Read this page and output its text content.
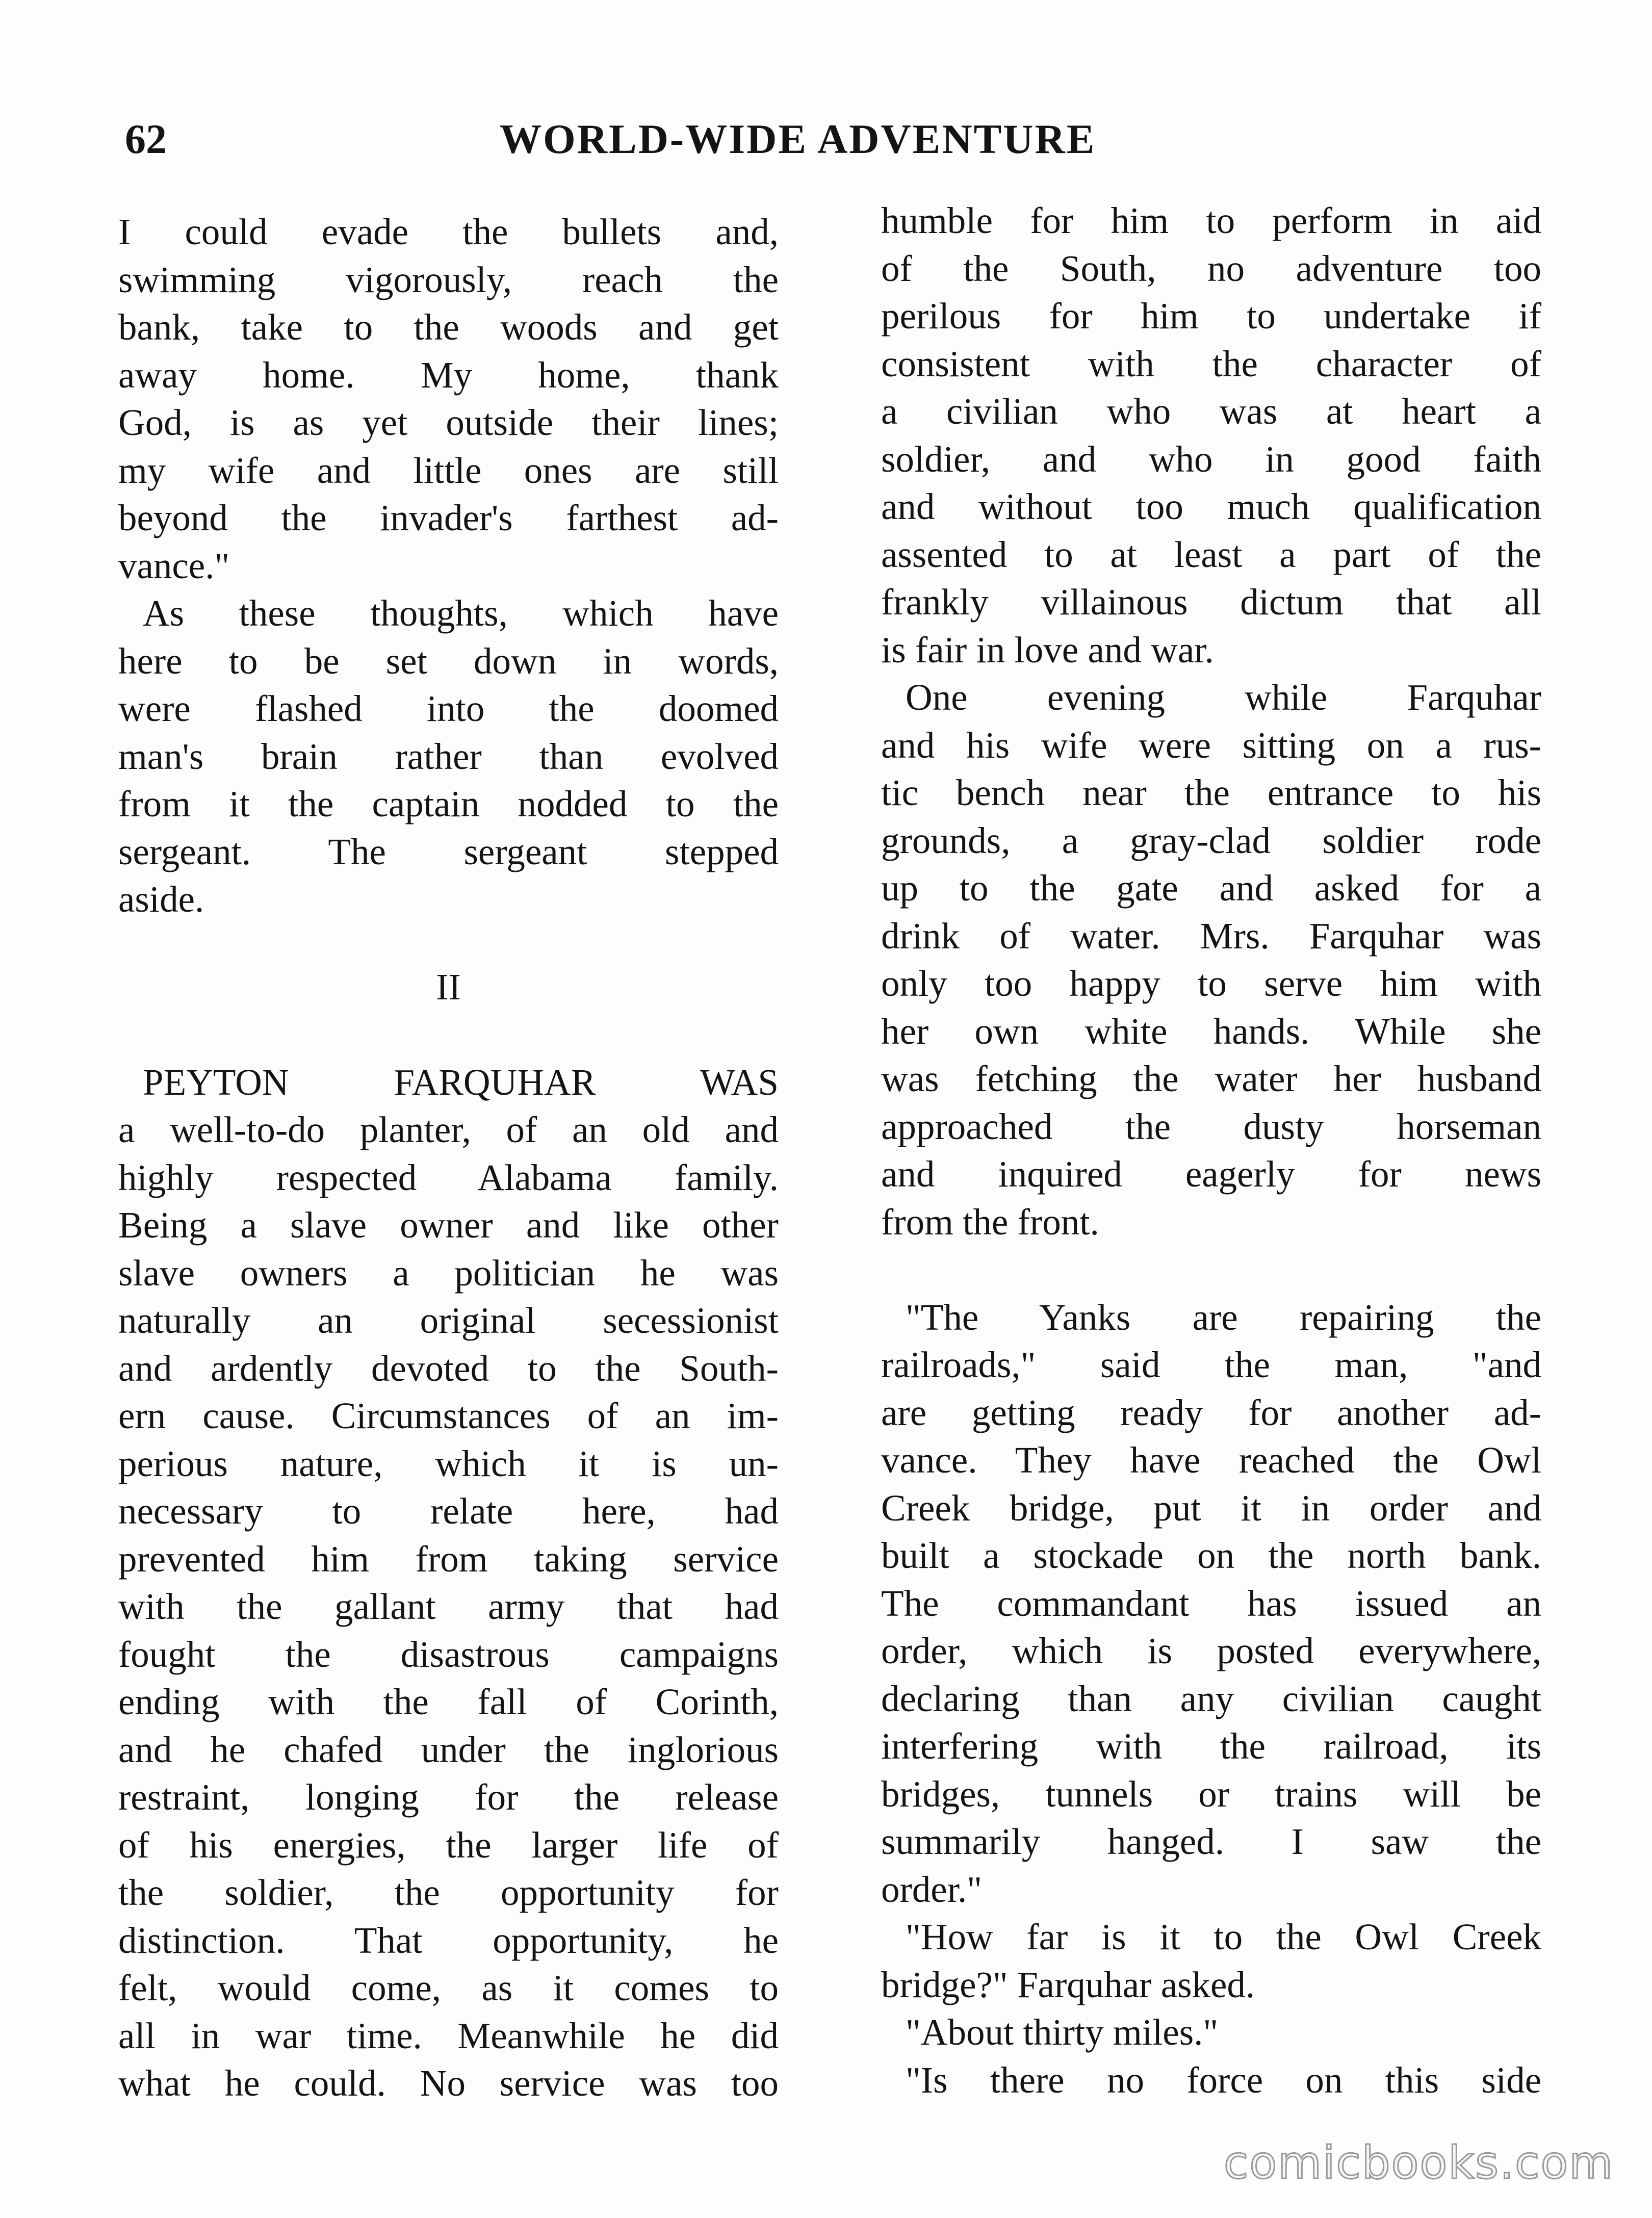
62	WORLD-WIDE ADVENTURE
I could evade the bullets and,
swimming vigorously, reach the
bank, take to the woods and get
away home. My home, thank
God, is as yet outside their lines;
my wife and little ones are still
beyond the invader's farthest ad-
vance."
As these thoughts, which have
here to be set down in words,
were flashed into the doomed
man's brain rather than evolved
from it the captain nodded to the
sergeant. The sergeant stepped
aside.
II
PEYTON FARQUHAR WAS
a well-to-do planter, of an old and
highly respected Alabama family.
Being a slave owner and like other
slave owners a politician he was
naturally an original secessionist
and ardently devoted to the South-
ern cause. Circumstances of an im-
perious nature, which it is un-
necessary to relate here, had
prevented him from taking service
with the gallant army that had
fought the disastrous campaigns
ending with the fall of Corinth,
and he chafed under the inglorious
restraint, longing for the release
of his energies, the larger life of
the soldier, the opportunity for
distinction. That opportunity, he
felt, would come, as it comes to
all in war time. Meanwhile he did
what he could. No service was too
humble for him to perform in aid
of the South, no adventure too
perilous for him to undertake if
consistent with the character of
a civilian who was at heart a
soldier, and who in good faith
and without too much qualification
assented to at least a part of the
frankly villainous dictum that all
is fair in love and war.
One evening while Farquhar
and his wife were sitting on a rus-
tic bench near the entrance to his
grounds, a gray-clad soldier rode
up to the gate and asked for a
drink of water. Mrs. Farquhar was
only too happy to serve him with
her own white hands. While she
was fetching the water her husband
approached the dusty horseman
and inquired eagerly for news
from the front.
"The Yanks are repairing the
railroads," said the man, "and
are getting ready for another ad-
vance. They have reached the Owl
Creek bridge, put it in order and
built a stockade on the north bank.
The commandant has issued an
order, which is posted everywhere,
declaring than any civilian caught
interfering with the railroad, its
bridges, tunnels or trains will be
summarily hanged. I saw the
order."
"How far is it to the Owl Creek
bridge?" Farquhar asked.
"About thirty miles."
"Is there no force on this side
comicbooks.com
